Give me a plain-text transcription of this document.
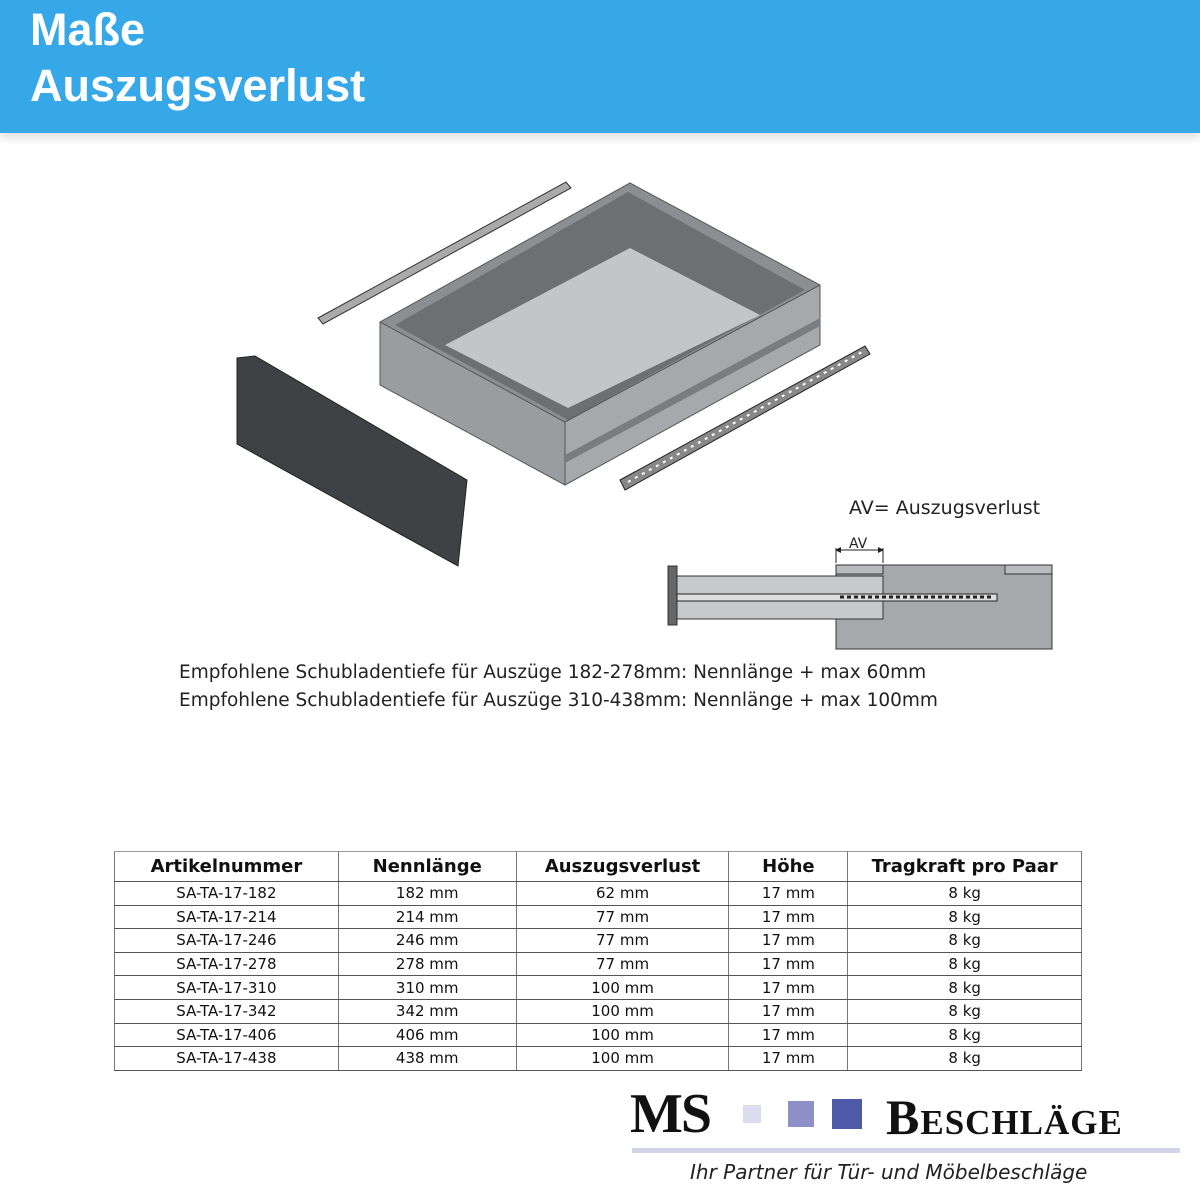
Maße
Auszugsverlust
AV
AV= Auszugsverlust
Empfohlene Schubladentiefe für Auszüge 182-278mm: Nennlänge + max 60mm
Empfohlene Schubladentiefe für Auszüge 310-438mm: Nennlänge + max 100mm
Artikelnummer	Nennlänge	Auszugsverlust	Höhe	Tragkraft pro Paar
SA-TA-17-182	182 mm	62 mm	17 mm	8 kg
SA-TA-17-214	214 mm	77 mm	17 mm	8 kg
SA-TA-17-246	246 mm	77 mm	17 mm	8 kg
SA-TA-17-278	278 mm	77 mm	17 mm	8 kg
SA-TA-17-310	310 mm	100 mm	17 mm	8 kg
SA-TA-17-342	342 mm	100 mm	17 mm	8 kg
SA-TA-17-406	406 mm	100 mm	17 mm	8 kg
SA-TA-17-438	438 mm	100 mm	17 mm	8 kg
MS	Beschläge
Ihr Partner für Tür- und Möbelbeschläge
